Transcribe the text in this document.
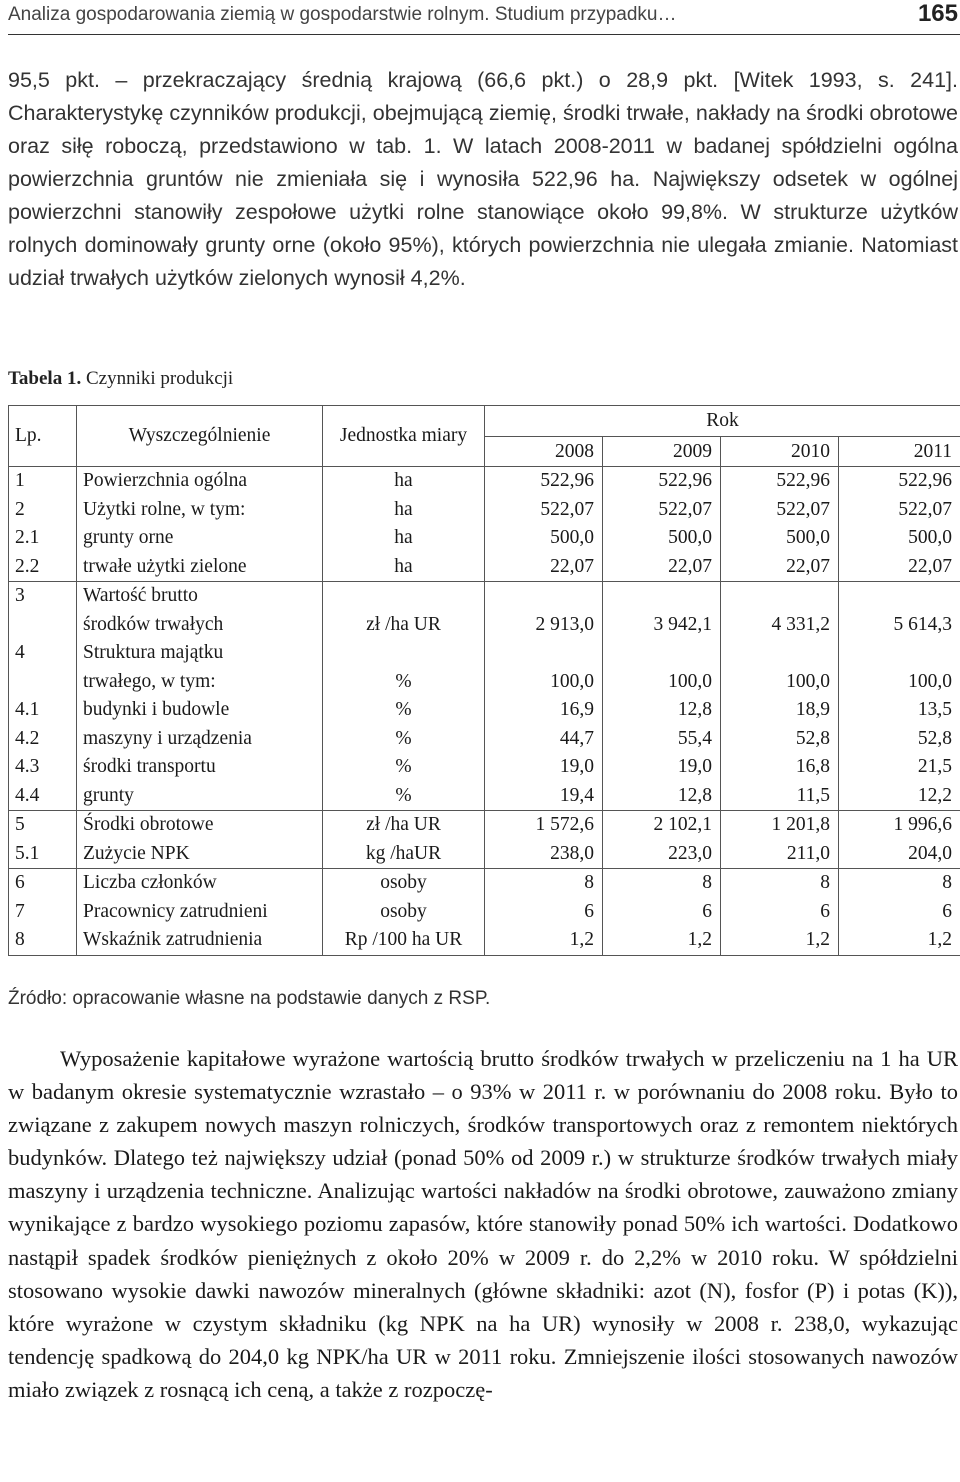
Analiza gospodarowania ziemią w gospodarstwie rolnym. Studium przypadku…	165

95,5 pkt. – przekraczający średnią krajową (66,6 pkt.) o 28,9 pkt. [Witek 1993, s. 241]. Charakterystykę czynników produkcji, obejmującą ziemię, środki trwałe, nakłady na środki obrotowe oraz siłę roboczą, przedstawiono w tab. 1. W latach 2008-2011 w badanej spółdzielni ogólna powierzchnia gruntów nie zmieniała się i wynosiła 522,96 ha. Największy odsetek w ogólnej powierzchni stanowiły zespołowe użytki rolne stanowiące około 99,8%. W strukturze użytków rolnych dominowały grunty orne (około 95%), których powierzchnia nie ulegała zmianie. Natomiast udział trwałych użytków zielonych wynosił 4,2%.

Tabela 1. Czynniki produkcji
Lp.	Wyszczególnienie	Jednostka miary	Rok			
			2008	2009	2010	2011
1	Powierzchnia ogólna	ha	522,96	522,96	522,96	522,96
2	Użytki rolne, w tym:	ha	522,07	522,07	522,07	522,07
2.1	grunty orne	ha	500,0	500,0	500,0	500,0
2.2	trwałe użytki zielone	ha	22,07	22,07	22,07	22,07
3	Wartość brutto					
	środków trwałych	zł /ha UR	2 913,0	3 942,1	4 331,2	5 614,3
4	Struktura majątku					
	trwałego, w tym:	%	100,0	100,0	100,0	100,0
4.1	budynki i budowle	%	16,9	12,8	18,9	13,5
4.2	maszyny i urządzenia	%	44,7	55,4	52,8	52,8
4.3	środki transportu	%	19,0	19,0	16,8	21,5
4.4	grunty	%	19,4	12,8	11,5	12,2
5	Środki obrotowe	zł /ha UR	1 572,6	2 102,1	1 201,8	1 996,6
5.1	Zużycie NPK	kg /haUR	238,0	223,0	211,0	204,0
6	Liczba członków	osoby	8	8	8	8
7	Pracownicy zatrudnieni	osoby	6	6	6	6
8	Wskaźnik zatrudnienia	Rp /100 ha UR	1,2	1,2	1,2	1,2
Źródło: opracowanie własne na podstawie danych z RSP.

Wyposażenie kapitałowe wyrażone wartością brutto środków trwałych w przeliczeniu na 1 ha UR w badanym okresie systematycznie wzrastało – o 93% w 2011 r. w porównaniu do 2008 roku. Było to związane z zakupem nowych maszyn rolniczych, środków transportowych oraz z remontem niektórych budynków. Dlatego też największy udział (ponad 50% od 2009 r.) w strukturze środków trwałych miały maszyny i urządzenia techniczne. Analizując wartości nakładów na środki obrotowe, zauważono zmiany wynikające z bardzo wysokiego poziomu zapasów, które stanowiły ponad 50% ich wartości. Dodatkowo nastąpił spadek środków pieniężnych z około 20% w 2009 r. do 2,2% w 2010 roku. W spółdzielni stosowano wysokie dawki nawozów mineralnych (główne składniki: azot (N), fosfor (P) i potas (K)), które wyrażone w czystym składniku (kg NPK na ha UR) wynosiły w 2008 r. 238,0, wykazując tendencję spadkową do 204,0 kg NPK/ha UR w 2011 roku. Zmniejszenie ilości stosowanych nawozów miało związek z rosnącą ich ceną, a także z rozpoczę-
